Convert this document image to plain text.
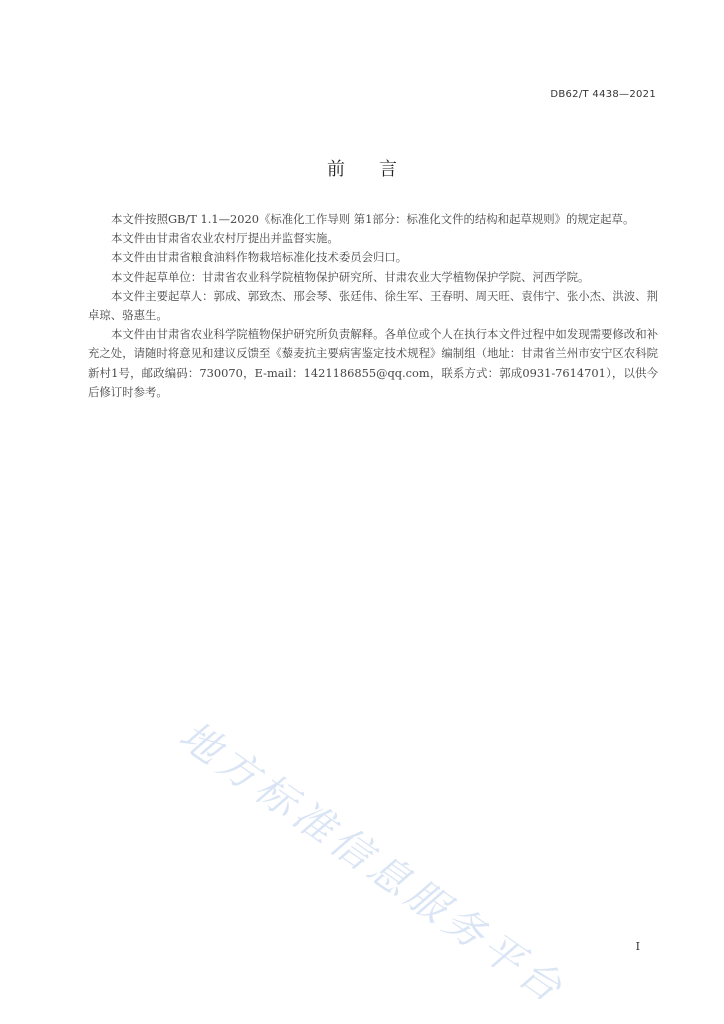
DB62/T 4438—2021
前言

本文件按照GB/T 1.1—2020《标准化工作导则 第1部分：标准化文件的结构和起草规则》的规定起草。

本文件由甘肃省农业农村厅提出并监督实施。

本文件由甘肃省粮食油料作物栽培标准化技术委员会归口。

本文件起草单位：甘肃省农业科学院植物保护研究所、甘肃农业大学植物保护学院、河西学院。

本文件主要起草人：郭成、郭致杰、邢会琴、张廷伟、徐生军、王春明、周天旺、袁伟宁、张小杰、洪波、荆卓琼、骆惠生。

本文件由甘肃省农业科学院植物保护研究所负责解释。各单位或个人在执行本文件过程中如发现需要修改和补充之处，请随时将意见和建议反馈至《藜麦抗主要病害鉴定技术规程》编制组（地址：甘肃省兰州市安宁区农科院新村1号，邮政编码：730070，E-mail：1421186855@qq.com，联系方式：郭成0931-7614701），以供今后修订时参考。

地方标准信息服务平台	I
